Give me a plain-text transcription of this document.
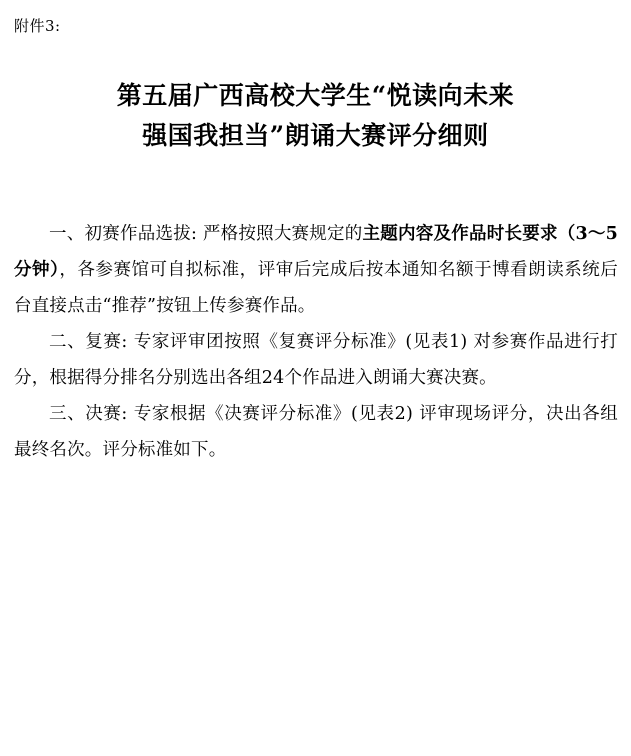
附件3:
第五届广西高校大学生“悦读向未来
强国我担当”朗诵大赛评分细则

一、初赛作品选拔: 严格按照大赛规定的主题内容及作品时长要求（3～5分钟），各参赛馆可自拟标准，评审后完成后按本通知名额于博看朗读系统后台直接点击“推荐”按钮上传参赛作品。

二、复赛: 专家评审团按照《复赛评分标准》(见表1) 对参赛作品进行打分，根据得分排名分别选出各组24个作品进入朗诵大赛决赛。

三、决赛: 专家根据《决赛评分标准》(见表2) 评审现场评分，决出各组最终名次。评分标准如下。
